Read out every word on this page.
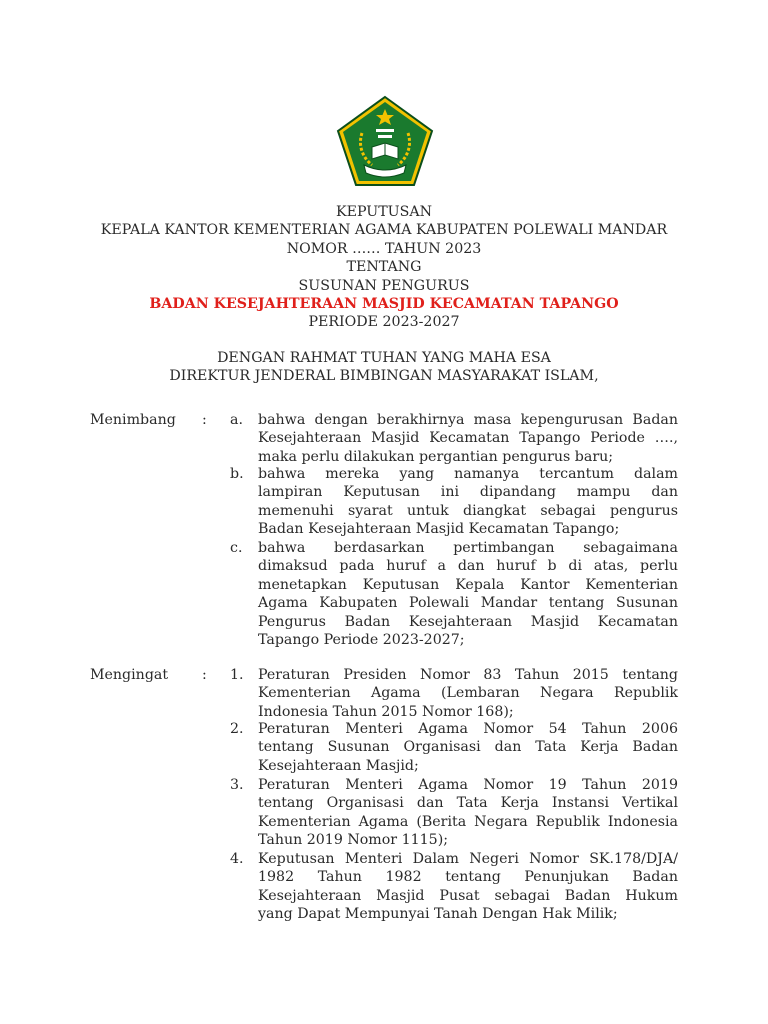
KEPUTUSAN
KEPALA KANTOR KEMENTERIAN AGAMA KABUPATEN POLEWALI MANDAR
NOMOR …… TAHUN 2023
TENTANG
SUSUNAN PENGURUS
BADAN KESEJAHTERAAN MASJID KECAMATAN TAPANGO
PERIODE 2023-2027
DENGAN RAHMAT TUHAN YANG MAHA ESA
DIREKTUR JENDERAL BIMBINGAN MASYARAKAT ISLAM,
Menimbang : a. bahwa dengan berakhirnya masa kepengurusan Badan
Kesejahteraan Masjid Kecamatan Tapango Periode ….,
maka perlu dilakukan pergantian pengurus baru;
b. bahwa mereka yang namanya tercantum dalam
lampiran Keputusan ini dipandang mampu dan
memenuhi syarat untuk diangkat sebagai pengurus
Badan Kesejahteraan Masjid Kecamatan Tapango;
c. bahwa berdasarkan pertimbangan sebagaimana
dimaksud pada huruf a dan huruf b di atas, perlu
menetapkan Keputusan Kepala Kantor Kementerian
Agama Kabupaten Polewali Mandar tentang Susunan
Pengurus Badan Kesejahteraan Masjid Kecamatan
Tapango Periode 2023-2027;
Mengingat : 1. Peraturan Presiden Nomor 83 Tahun 2015 tentang
Kementerian Agama (Lembaran Negara Republik
Indonesia Tahun 2015 Nomor 168);
2. Peraturan Menteri Agama Nomor 54 Tahun 2006
tentang Susunan Organisasi dan Tata Kerja Badan
Kesejahteraan Masjid;
3. Peraturan Menteri Agama Nomor 19 Tahun 2019
tentang Organisasi dan Tata Kerja Instansi Vertikal
Kementerian Agama (Berita Negara Republik Indonesia
Tahun 2019 Nomor 1115);
4. Keputusan Menteri Dalam Negeri Nomor SK.178/DJA/
1982 Tahun 1982 tentang Penunjukan Badan
Kesejahteraan Masjid Pusat sebagai Badan Hukum
yang Dapat Mempunyai Tanah Dengan Hak Milik;
